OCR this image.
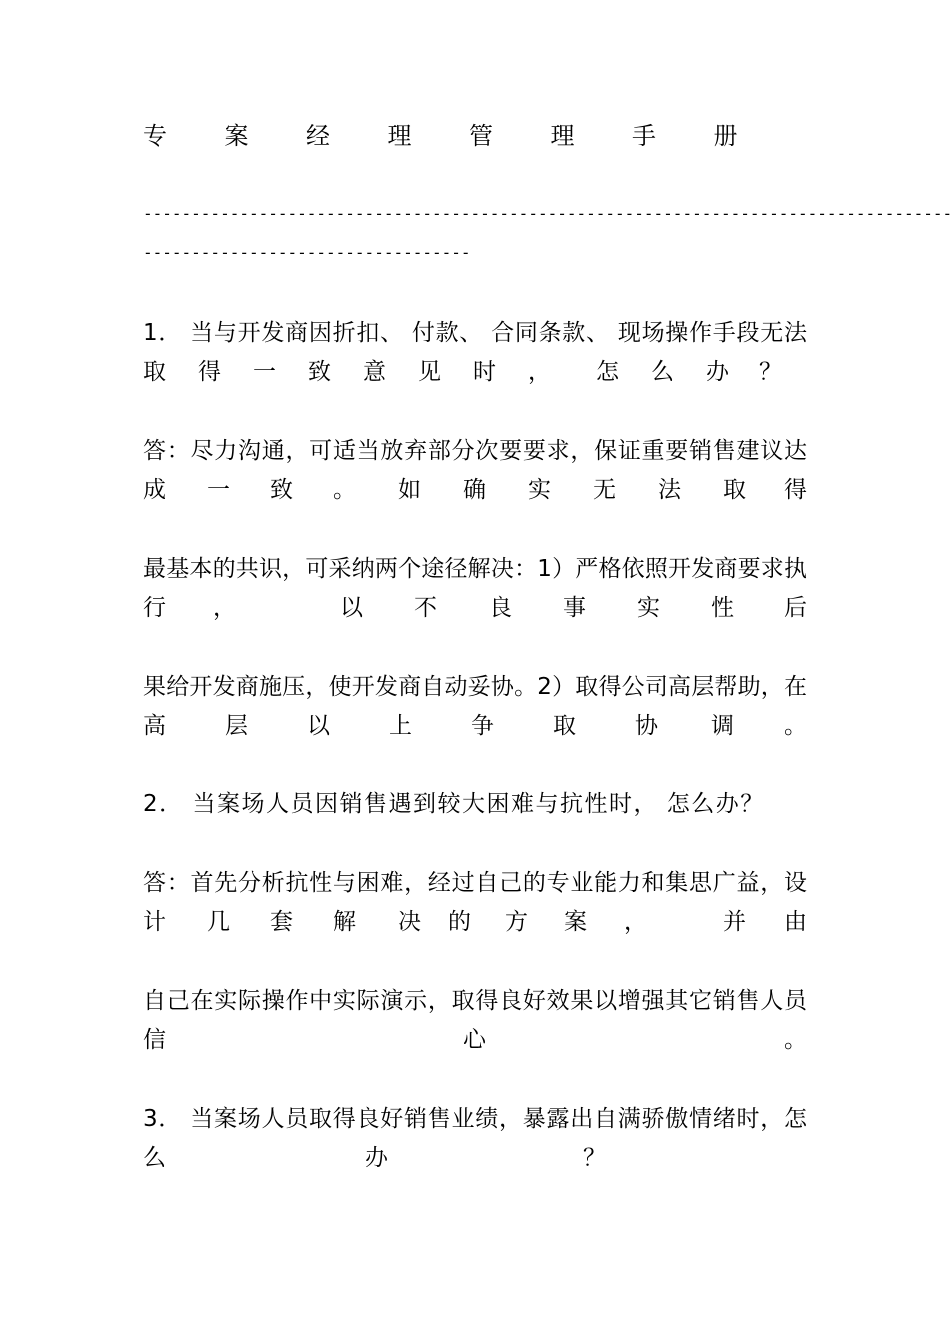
专	案	经	理	管	理	手	册
------------------------------------------------------------------------------------
----------------------------------
1． 当与开发商因折扣、 付款、 合同条款、 现场操作手段无法
取 得 一 致 意 见 时 ， 怎 么 办 ？
答：尽力沟通，可适当放弃部分次要要求，保证重要销售建议达
成 一 致 。 如 确 实 无 法 取 得
最基本的共识，可采纳两个途径解决：1）严格依照开发商要求执
行 ，	以 不 良 事 实 性 后
果给开发商施压，使开发商自动妥协。2）取得公司高层帮助，在
高	层	以	上	争	取	协 调 。
2． 当案场人员因销售遇到较大困难与抗性时， 怎么办？
答：首先分析抗性与困难，经过自己的专业能力和集思广益，设
计 几 套 解 决 的 方 案 ，	并 由
自己在实际操作中实际演示，取得良好效果以增强其它销售人员
信	心	。
3． 当案场人员取得良好销售业绩，暴露出自满骄傲情绪时，怎
么	办	？
